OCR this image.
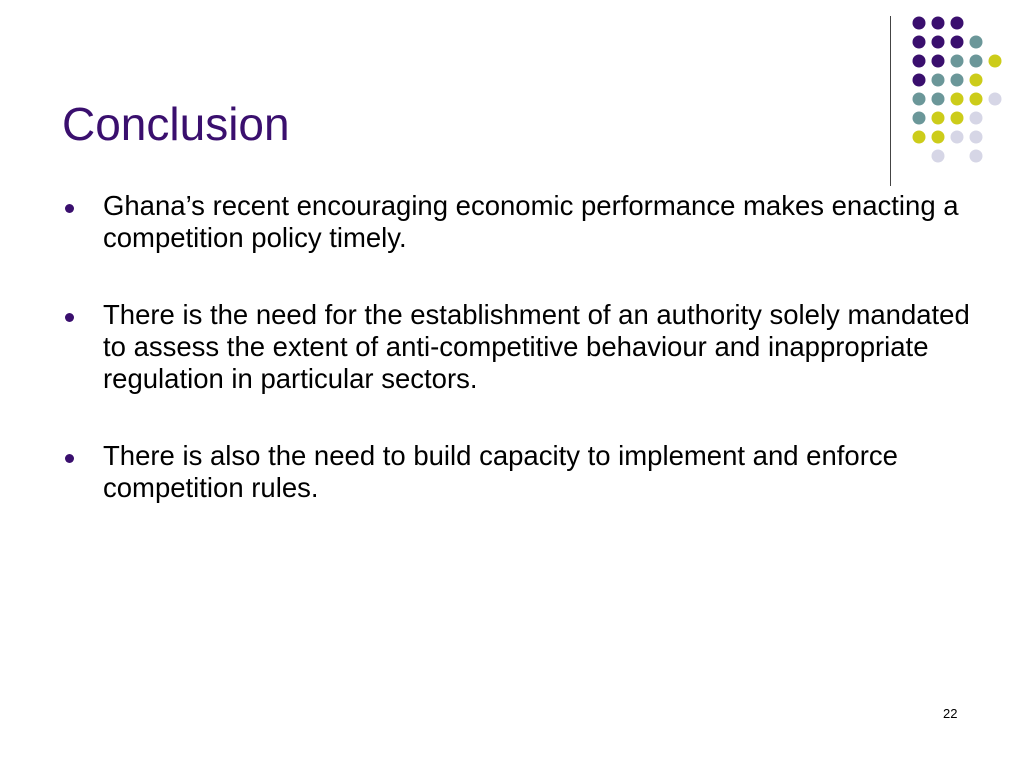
Conclusion
Ghana’s recent encouraging economic performance makes enacting a competition policy timely.
There is the need for the establishment of an authority solely mandated to assess the extent of anti-competitive behaviour and inappropriate regulation in particular sectors.
There is also the need to build capacity to implement and enforce competition rules.
22
